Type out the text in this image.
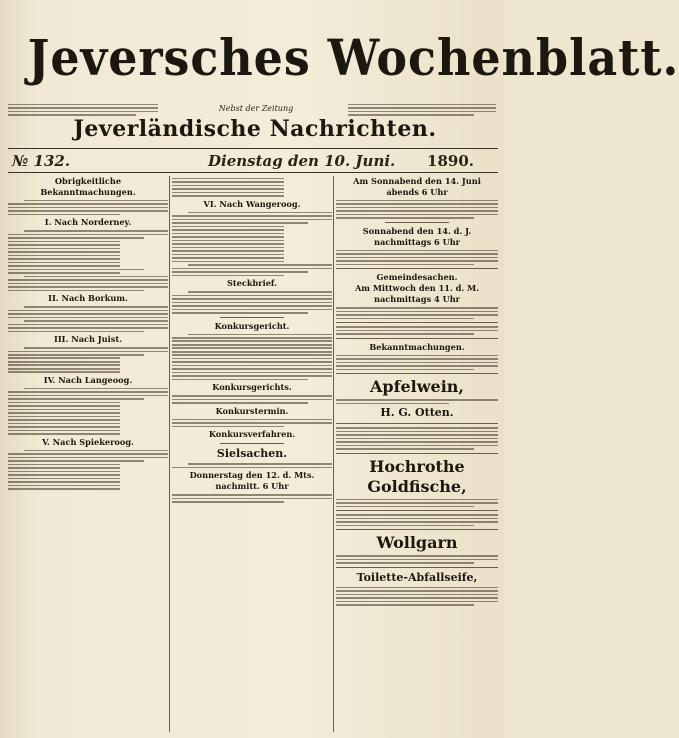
Jeversches Wochenblatt.
Nebst der Zeitung
Jeverländische Nachrichten.
№ 132.	Dienstag den 10. Juni. 1890.
Obrigkeitliche Bekanntmachungen.
I. Nach Norderney.
II. Nach Borkum.
III. Nach Juist.
IV. Nach Langeoog.
V. Nach Spiekeroog.
VI. Nach Wangeroog.
Steckbrief.
Konkursgericht.
Konkursgerichts.
Konkurstermin.
Konkursverfahren.
Sielsachen.
Donnerstag den 12. d. Mts. nachmitt. 6 Uhr
Am Sonnabend den 14. Juni abends 6 Uhr
Sonnabend den 14. d. J. nachmittags 6 Uhr
Gemeindesachen.
Am Mittwoch den 11. d. M. nachmittags 4 Uhr
Bekanntmachungen.
Apfelwein,
H. G. Otten.
Hochrothe Goldfische,
Wollgarn
Toilette-Abfallseife,
